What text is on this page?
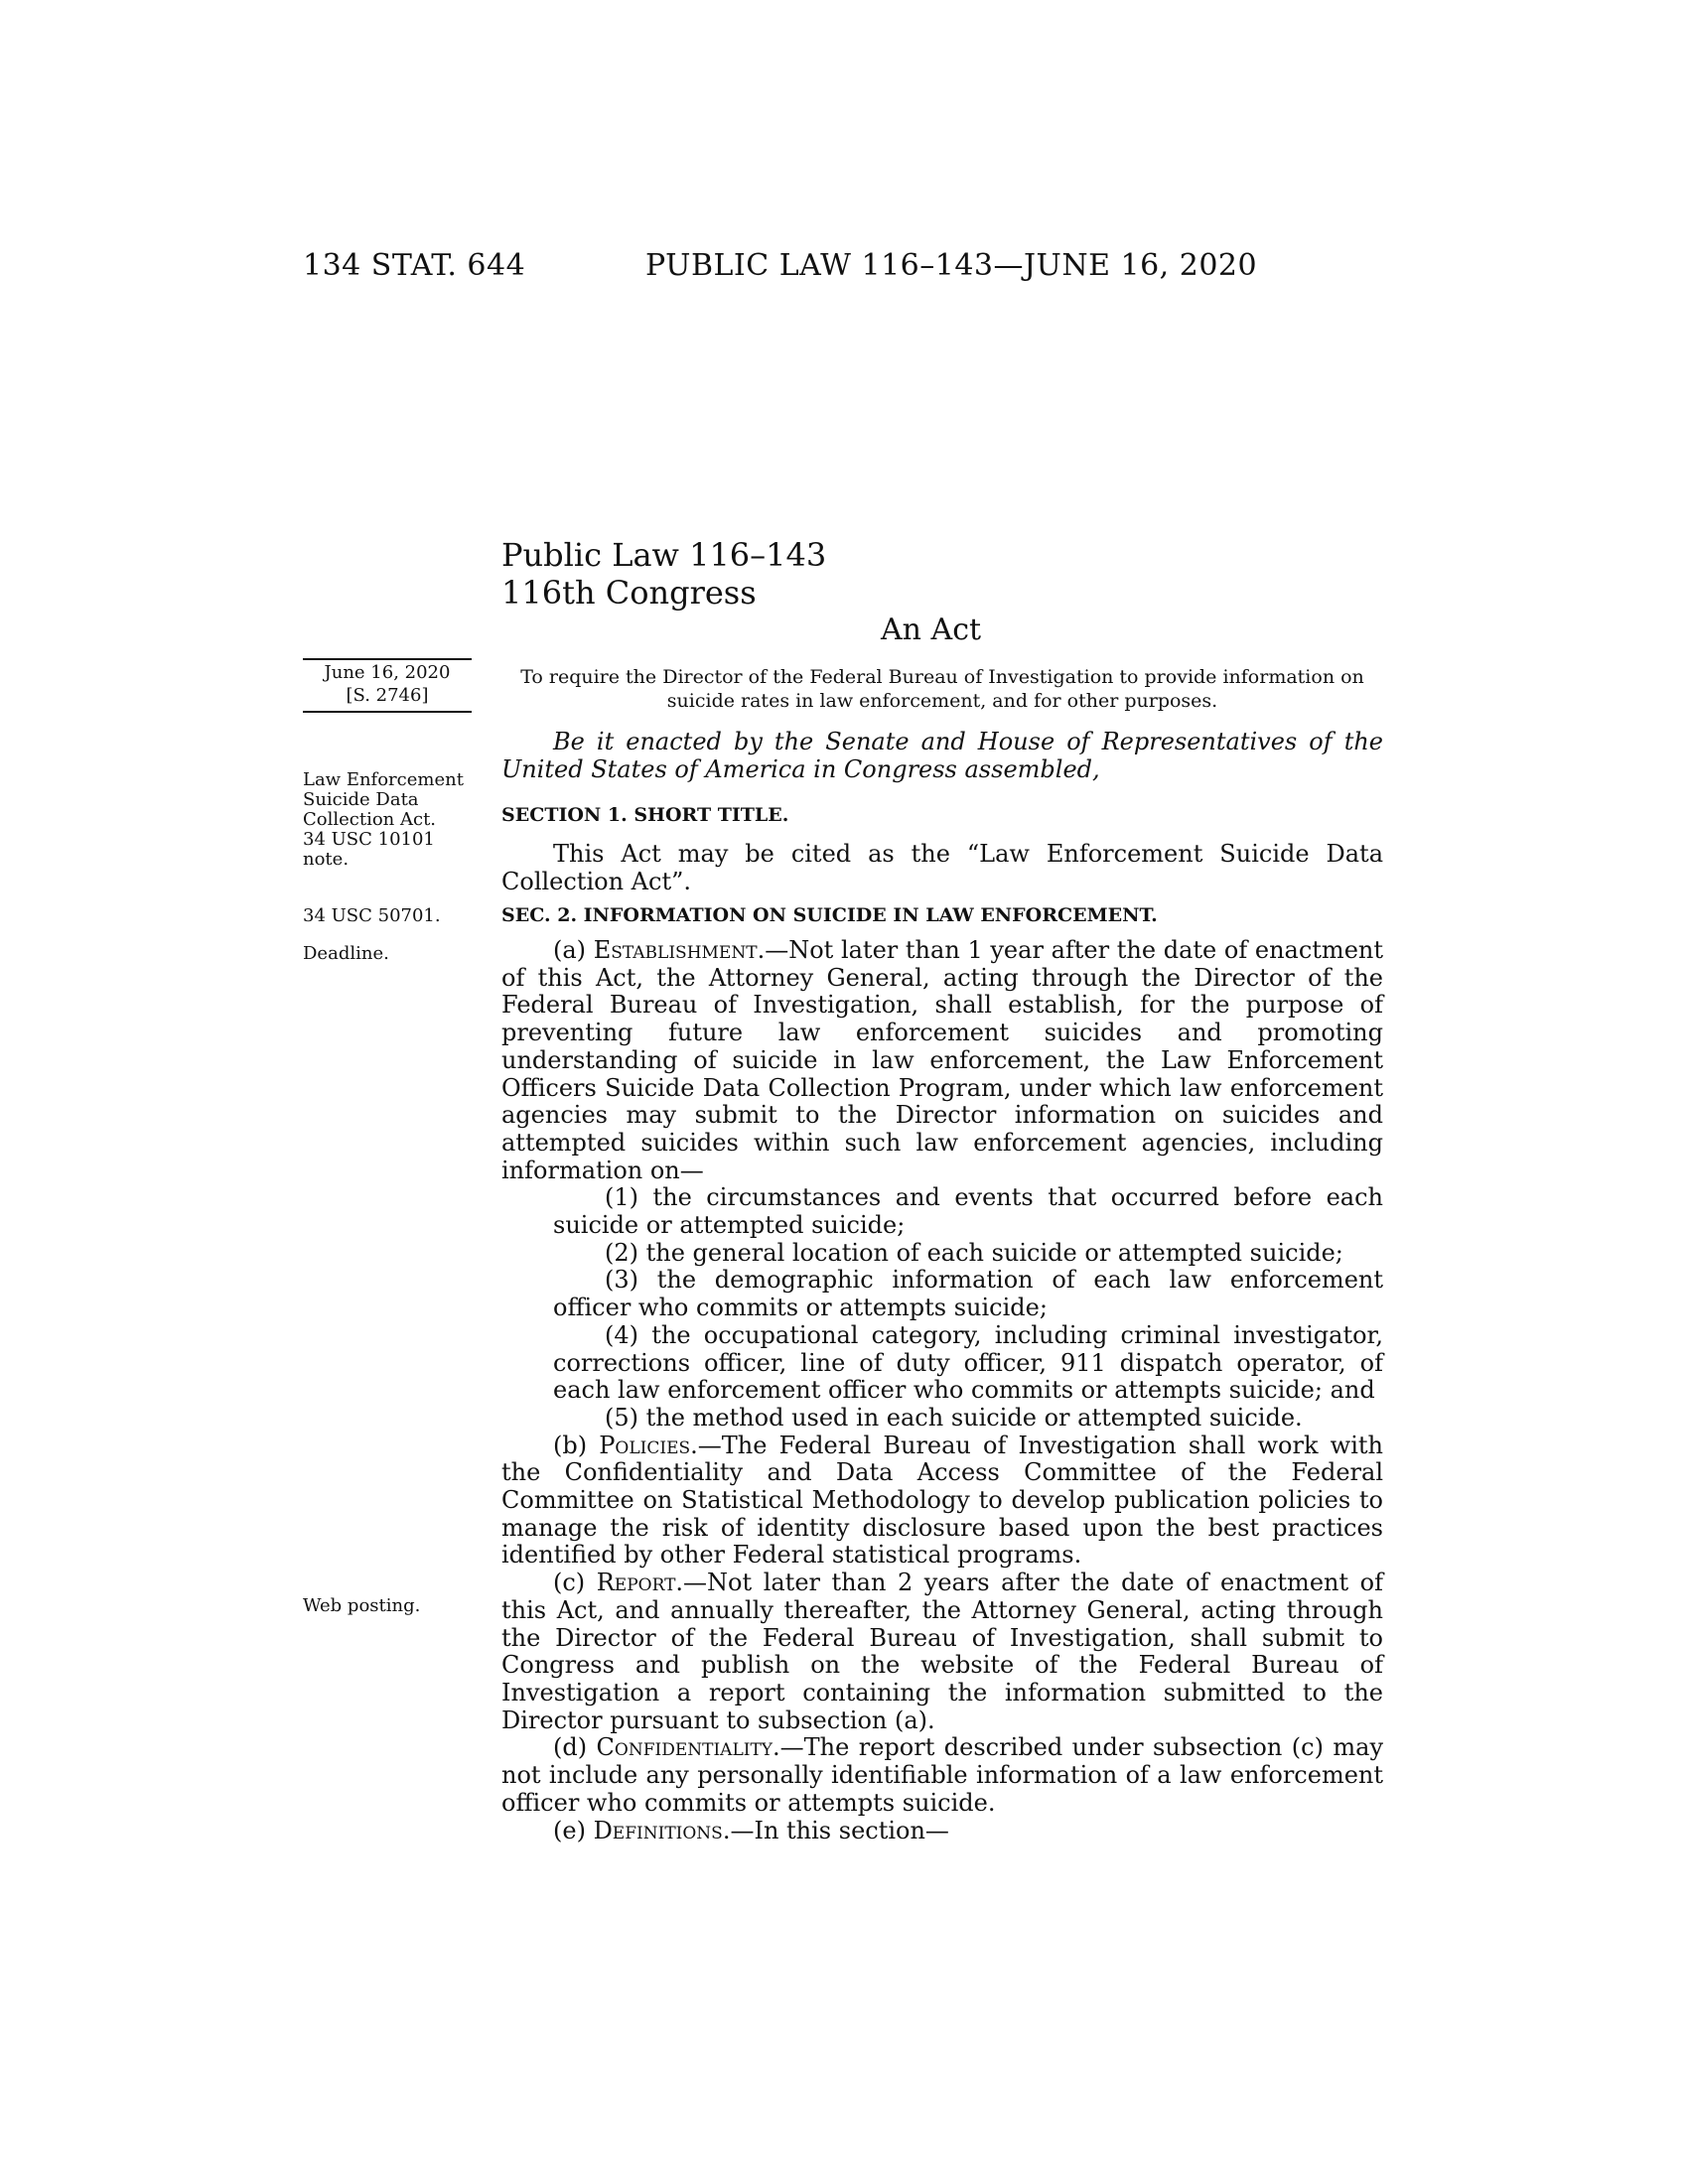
134 STAT. 644	PUBLIC LAW 116–143—JUNE 16, 2020
Public Law 116–143
116th Congress
An Act
June 16, 2020
[S. 2746]
To require the Director of the Federal Bureau of Investigation to provide information on suicide rates in law enforcement, and for other purposes.
Law Enforcement
Suicide Data
Collection Act.
34 USC 10101
note.
34 USC 50701.
Deadline.
Web posting.

Be it enacted by the Senate and House of Representatives of the United States of America in Congress assembled,

SECTION 1. SHORT TITLE.

This Act may be cited as the “Law Enforcement Suicide Data Collection Act”.

SEC. 2. INFORMATION ON SUICIDE IN LAW ENFORCEMENT.

(a) Establishment.—Not later than 1 year after the date of enactment of this Act, the Attorney General, acting through the Director of the Federal Bureau of Investigation, shall establish, for the purpose of preventing future law enforcement suicides and promoting understanding of suicide in law enforcement, the Law Enforcement Officers Suicide Data Collection Program, under which law enforcement agencies may submit to the Director information on suicides and attempted suicides within such law enforcement agencies, including information on—

(1) the circumstances and events that occurred before each suicide or attempted suicide;

(2) the general location of each suicide or attempted suicide;

(3) the demographic information of each law enforcement officer who commits or attempts suicide;

(4) the occupational category, including criminal investigator, corrections officer, line of duty officer, 911 dispatch operator, of each law enforcement officer who commits or attempts suicide; and

(5) the method used in each suicide or attempted suicide.

(b) Policies.—The Federal Bureau of Investigation shall work with the Confidentiality and Data Access Committee of the Federal Committee on Statistical Methodology to develop publication policies to manage the risk of identity disclosure based upon the best practices identified by other Federal statistical programs.

(c) Report.—Not later than 2 years after the date of enactment of this Act, and annually thereafter, the Attorney General, acting through the Director of the Federal Bureau of Investigation, shall submit to Congress and publish on the website of the Federal Bureau of Investigation a report containing the information submitted to the Director pursuant to subsection (a).

(d) Confidentiality.—The report described under subsection (c) may not include any personally identifiable information of a law enforcement officer who commits or attempts suicide.

(e) Definitions.—In this section—
